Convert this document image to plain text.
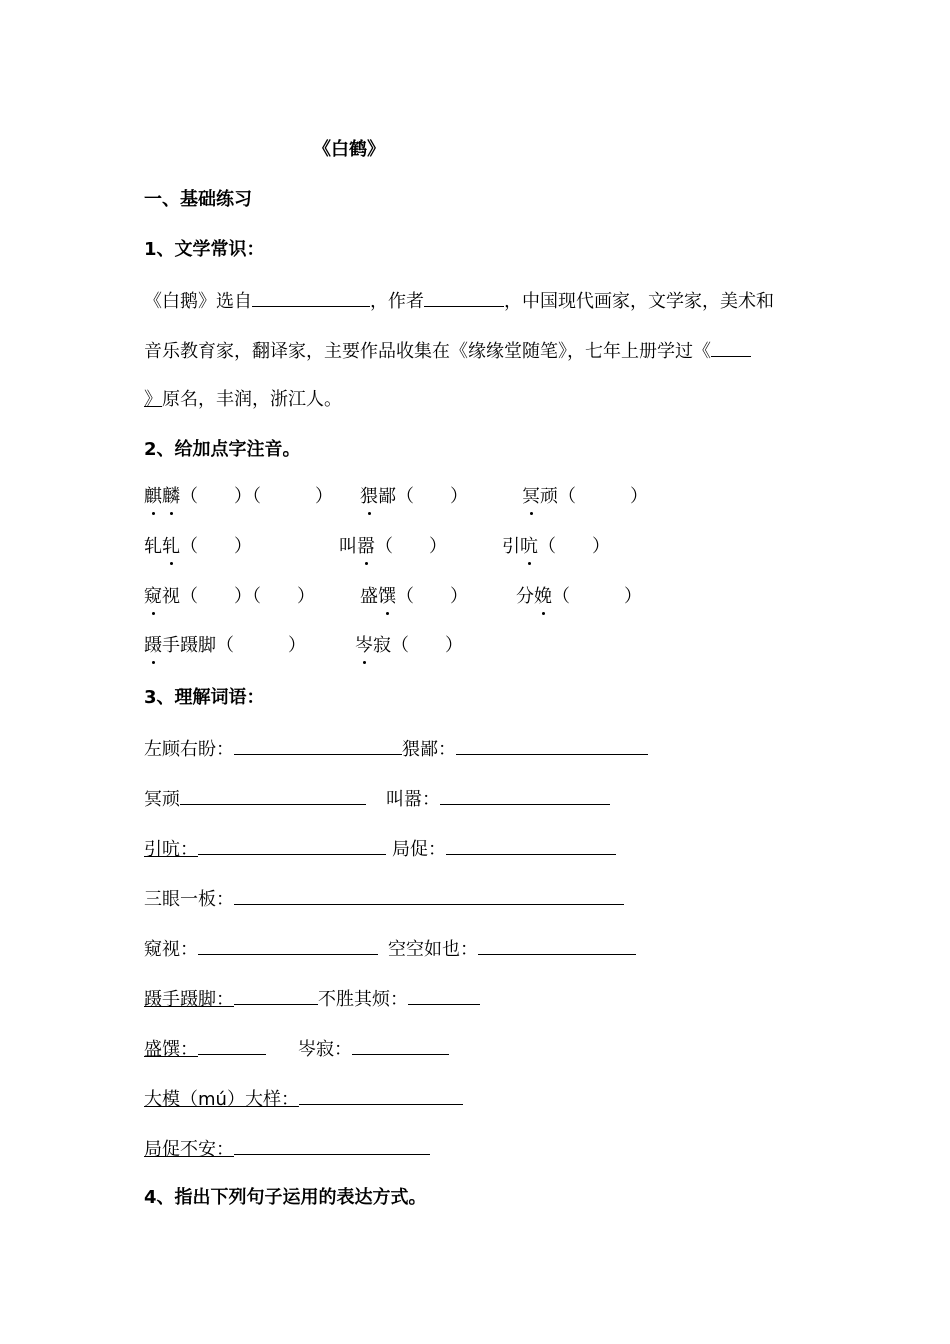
《白鹤》
一、基础练习
1、文学常识：
《白鹅》选自	，作者	，中国现代画家，文学家，美术和
音乐教育家，翻译家，主要作品收集在《缘缘堂随笔》，七年上册学过《
》原名，丰润，浙江人。
2、给加点字注音。
麒麟（　　）（　　　） 猥鄙（　　）	冥顽（　　　）
轧轧（　　）	叫嚣（　　）	引吭（　　）
窥视（　　）（　　）	盛馔（　　）	分娩（　　　）
蹑手蹑脚（　　　）	岑寂（　　）
3、理解词语：
左顾右盼：	猥鄙：
冥顽	叫嚣：
引吭：	局促：
三眼一板：
窥视：	空空如也：
蹑手蹑脚：	不胜其烦：
盛馔：	岑寂：
大模（mú）大样：
局促不安：
4、指出下列句子运用的表达方式。
